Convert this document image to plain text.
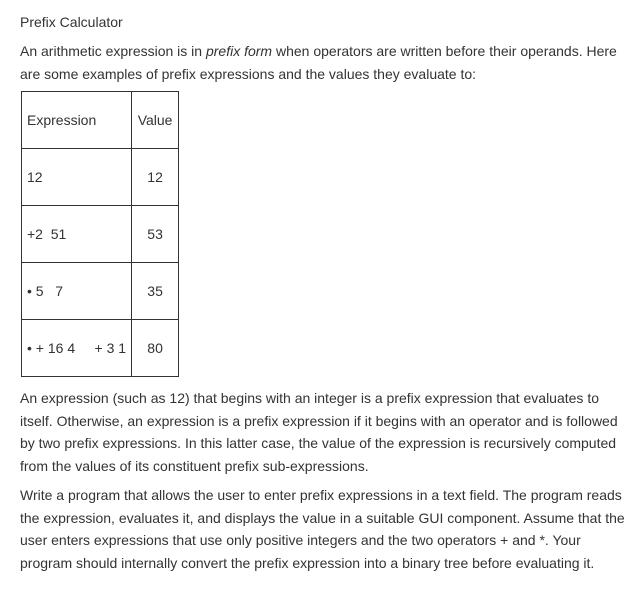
Prefix Calculator

An arithmetic expression is in prefix form when operators are written before their operands. Here are some examples of prefix expressions and the values they evaluate to:

Expression	Value
12	12
+2  51	53
• 5   7	35
• + 16 4     + 3 1	80

An expression (such as 12) that begins with an integer is a prefix expression that evaluates to itself. Otherwise, an expression is a prefix expression if it begins with an operator and is followed by two prefix expressions. In this latter case, the value of the expression is recursively computed from the values of its constituent prefix sub-expressions.

Write a program that allows the user to enter prefix expressions in a text field. The program reads the expression, evaluates it, and displays the value in a suitable GUI component. Assume that the user enters expressions that use only positive integers and the two operators + and *. Your program should internally convert the prefix expression into a binary tree before evaluating it.
